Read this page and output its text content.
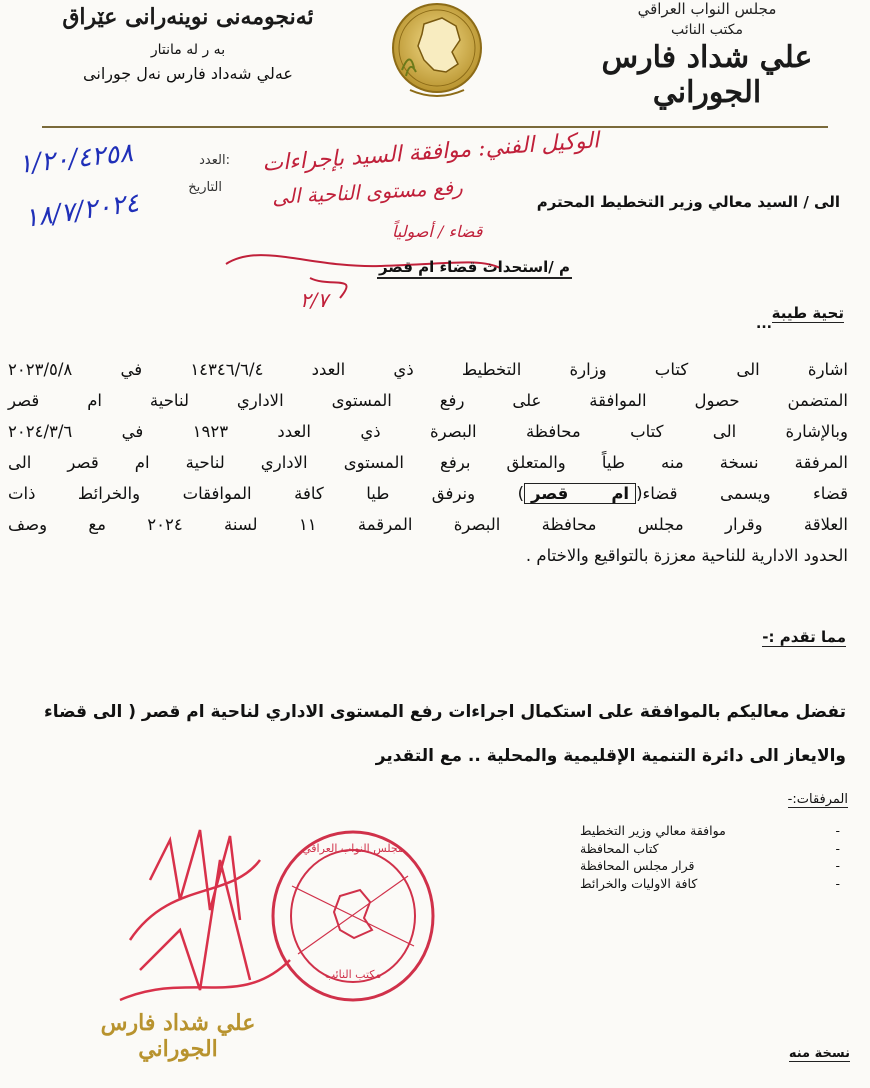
مجلس النواب العراقي
مكتب النائب
علي شداد فارس الجوراني
ئه‌نجومه‌نی نوینه‌رانی عێراق
به‌ ر له‌ مانتار
عەلي شەداد فارس نەل جورانی
العدد:
١/٢٠/٤٢٥٨
التاريخ
١٨/٧/٢٠٢٤
الوكيل الفني: موافقة السيد بإجراءات
رفع مستوى الناحية الى
قضاء / أصولياً
٢/٧
الى / السيد معالي وزير التخطيط المحترم
م /استحداث قضاء ام قصر
تحية طيبة
...
اشارة الى كتاب وزارة التخطيط ذي العدد ١٤٣٤٦/٦/٤ في ٢٠٢٣/٥/٨
المتضمن حصول الموافقة على رفع المستوى الاداري لناحية ام قصر
وبالإشارة الى كتاب محافظة البصرة ذي العدد ١٩٢٣ في ٢٠٢٤/٣/٦
المرفقة نسخة منه طياً والمتعلق برفع المستوى الاداري لناحية ام قصر الى
قضاء ويسمى قضاء(ام قصر) ونرفق طيا كافة الموافقات والخرائط ذات
العلاقة وقرار مجلس محافظة البصرة المرقمة ١١ لسنة ٢٠٢٤ مع وصف
الحدود الادارية للناحية معززة بالتواقيع والاختام .
مما تقدم :-
تفضل معاليكم بالموافقة على استكمال اجراءات رفع المستوى الاداري لناحية ام قصر ( الى قضاء
والايعاز الى دائرة التنمية الإقليمية والمحلية .. مع التقدير
المرفقات:-
-
موافقة معالي وزير التخطيط
-
كتاب المحافظة
-
قرار مجلس المحافظة
-
كافة الاوليات والخرائط
مجلس النواب العراقي
مكتب النائب
علي شداد فارس الجوراني	نسخة منه
